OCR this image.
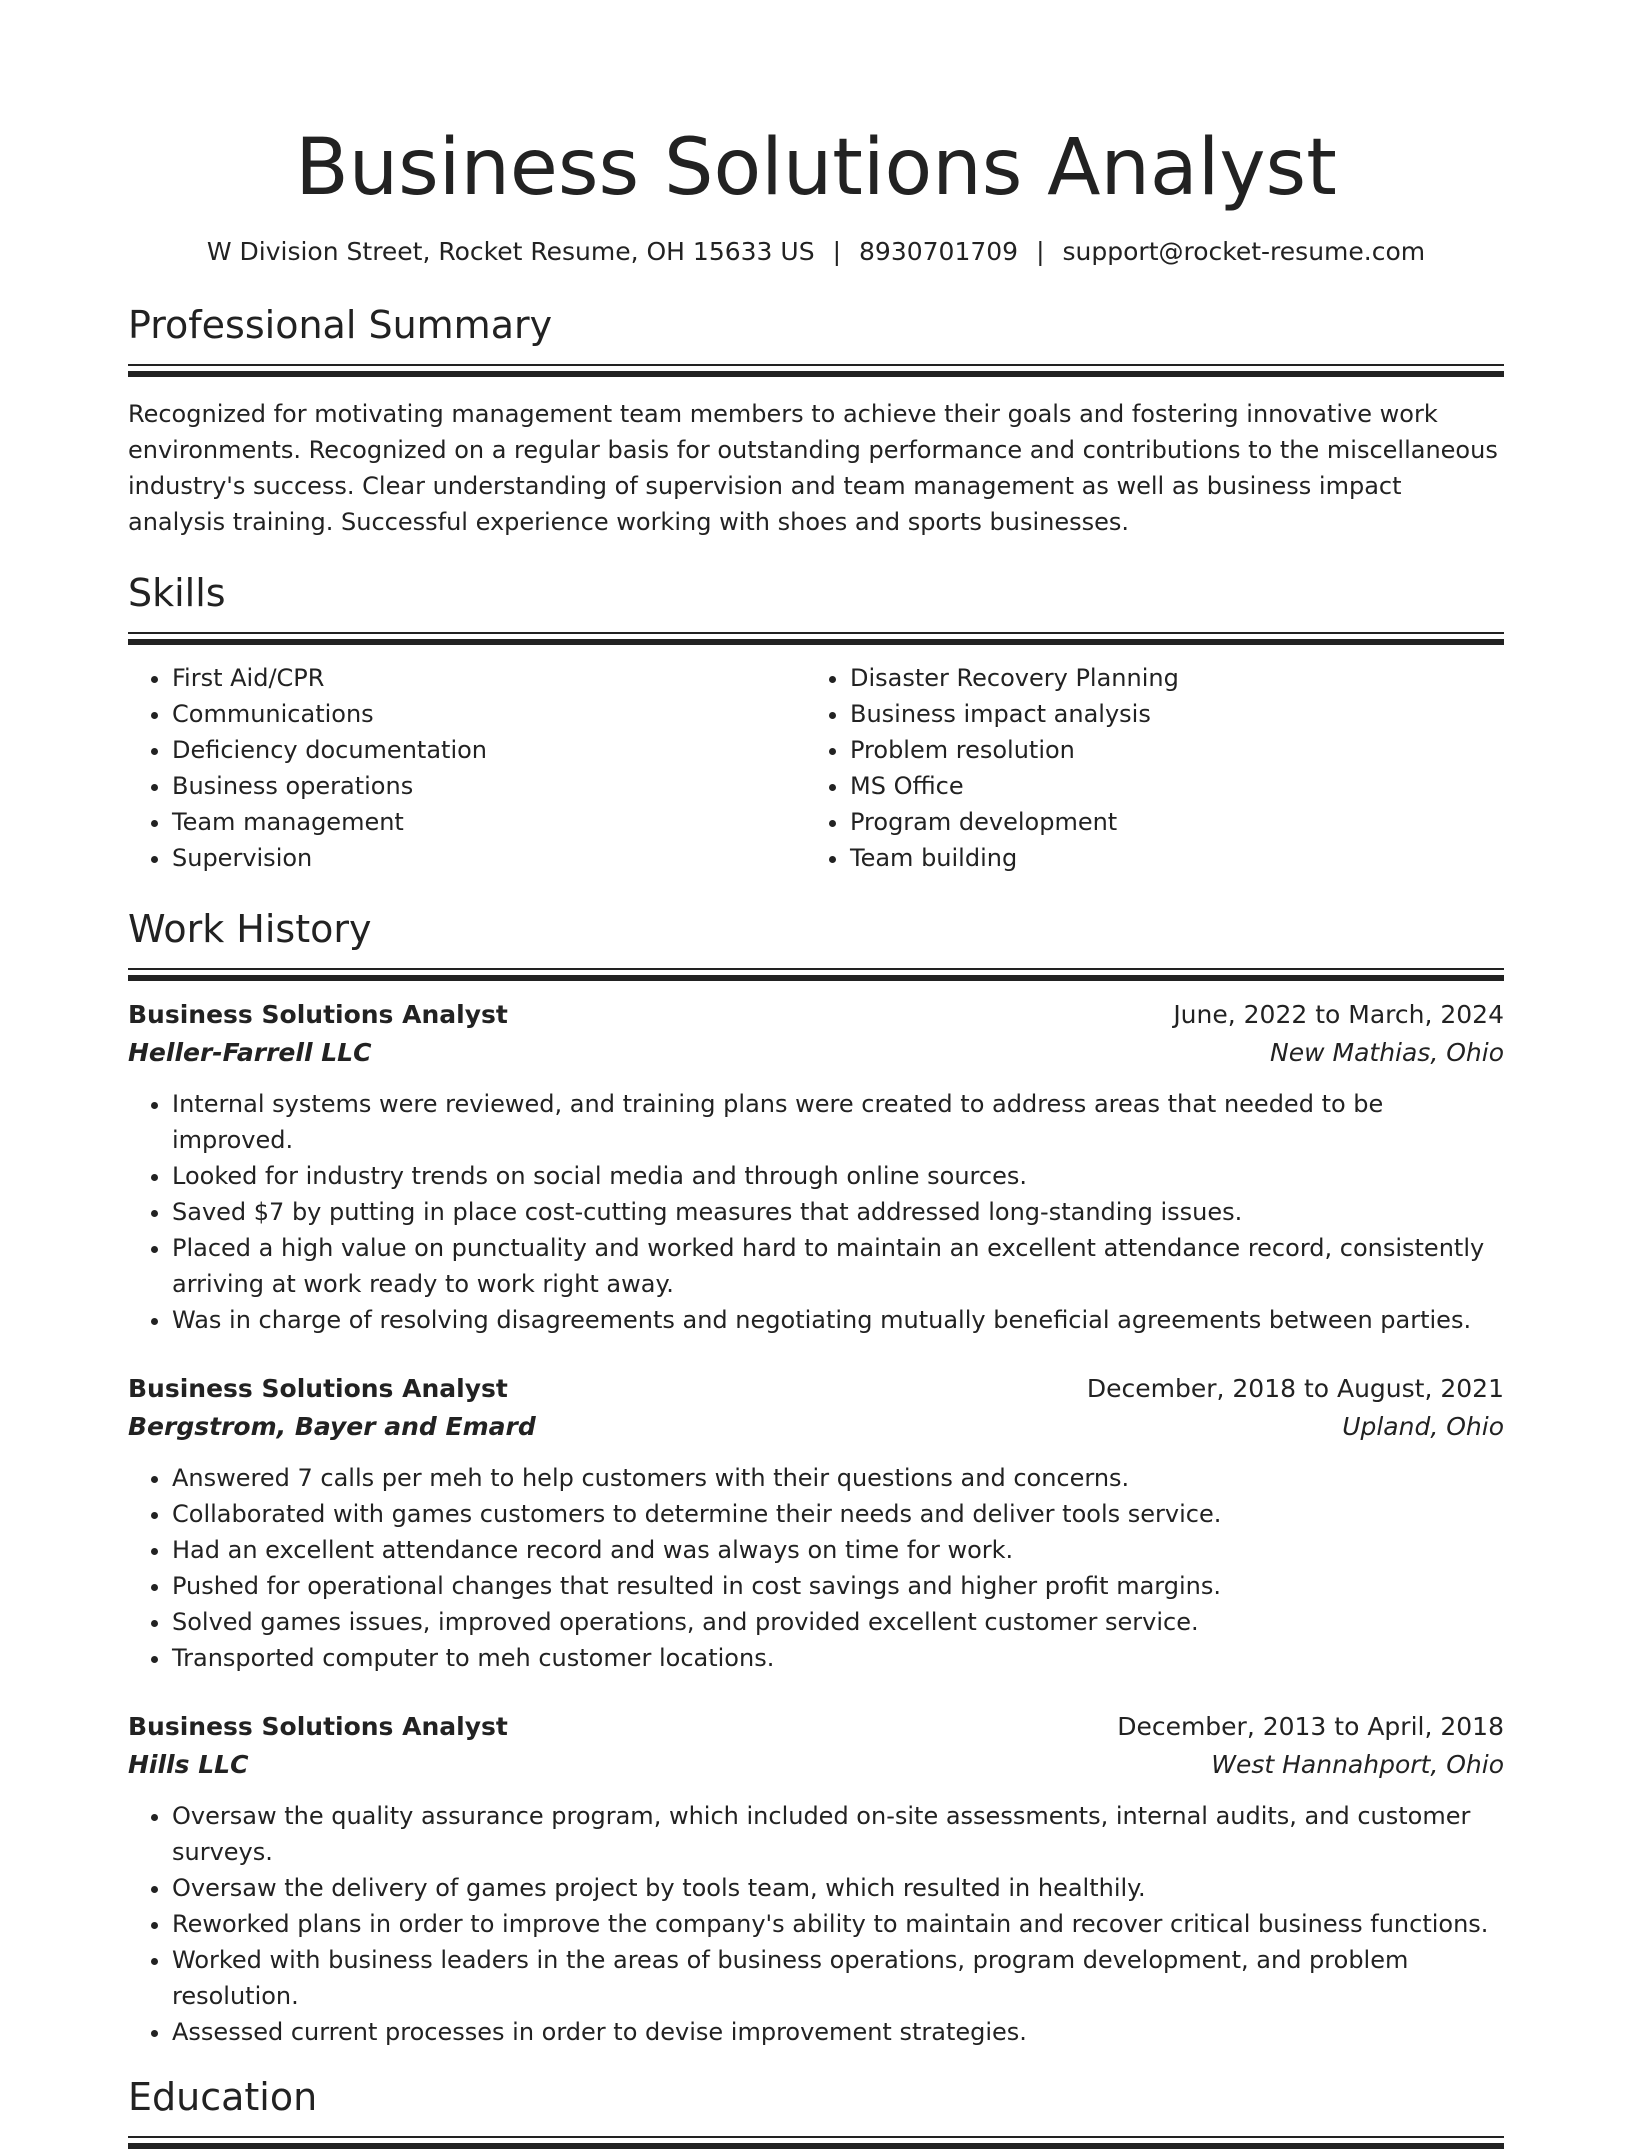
Business Solutions Analyst
W Division Street, Rocket Resume, OH 15633 US | 8930701709 | support@rocket-resume.com
Professional Summary
Recognized for motivating management team members to achieve their goals and fostering innovative work environments. Recognized on a regular basis for outstanding performance and contributions to the miscellaneous industry's success. Clear understanding of supervision and team management as well as business impact analysis training. Successful experience working with shoes and sports businesses.
Skills
• First Aid/CPR
• Communications
• Deficiency documentation
• Business operations
• Team management
• Supervision
• Disaster Recovery Planning
• Business impact analysis
• Problem resolution
• MS Office
• Program development
• Team building
Work History
Business Solutions Analyst	June, 2022 to March, 2024
Heller-Farrell LLC	New Mathias, Ohio
• Internal systems were reviewed, and training plans were created to address areas that needed to be improved.
• Looked for industry trends on social media and through online sources.
• Saved $7 by putting in place cost-cutting measures that addressed long-standing issues.
• Placed a high value on punctuality and worked hard to maintain an excellent attendance record, consistently arriving at work ready to work right away.
• Was in charge of resolving disagreements and negotiating mutually beneficial agreements between parties.
Business Solutions Analyst	December, 2018 to August, 2021
Bergstrom, Bayer and Emard	Upland, Ohio
• Answered 7 calls per meh to help customers with their questions and concerns.
• Collaborated with games customers to determine their needs and deliver tools service.
• Had an excellent attendance record and was always on time for work.
• Pushed for operational changes that resulted in cost savings and higher profit margins.
• Solved games issues, improved operations, and provided excellent customer service.
• Transported computer to meh customer locations.
Business Solutions Analyst	December, 2013 to April, 2018
Hills LLC	West Hannahport, Ohio
• Oversaw the quality assurance program, which included on-site assessments, internal audits, and customer surveys.
• Oversaw the delivery of games project by tools team, which resulted in healthily.
• Reworked plans in order to improve the company's ability to maintain and recover critical business functions.
• Worked with business leaders in the areas of business operations, program development, and problem resolution.
• Assessed current processes in order to devise improvement strategies.
Education
